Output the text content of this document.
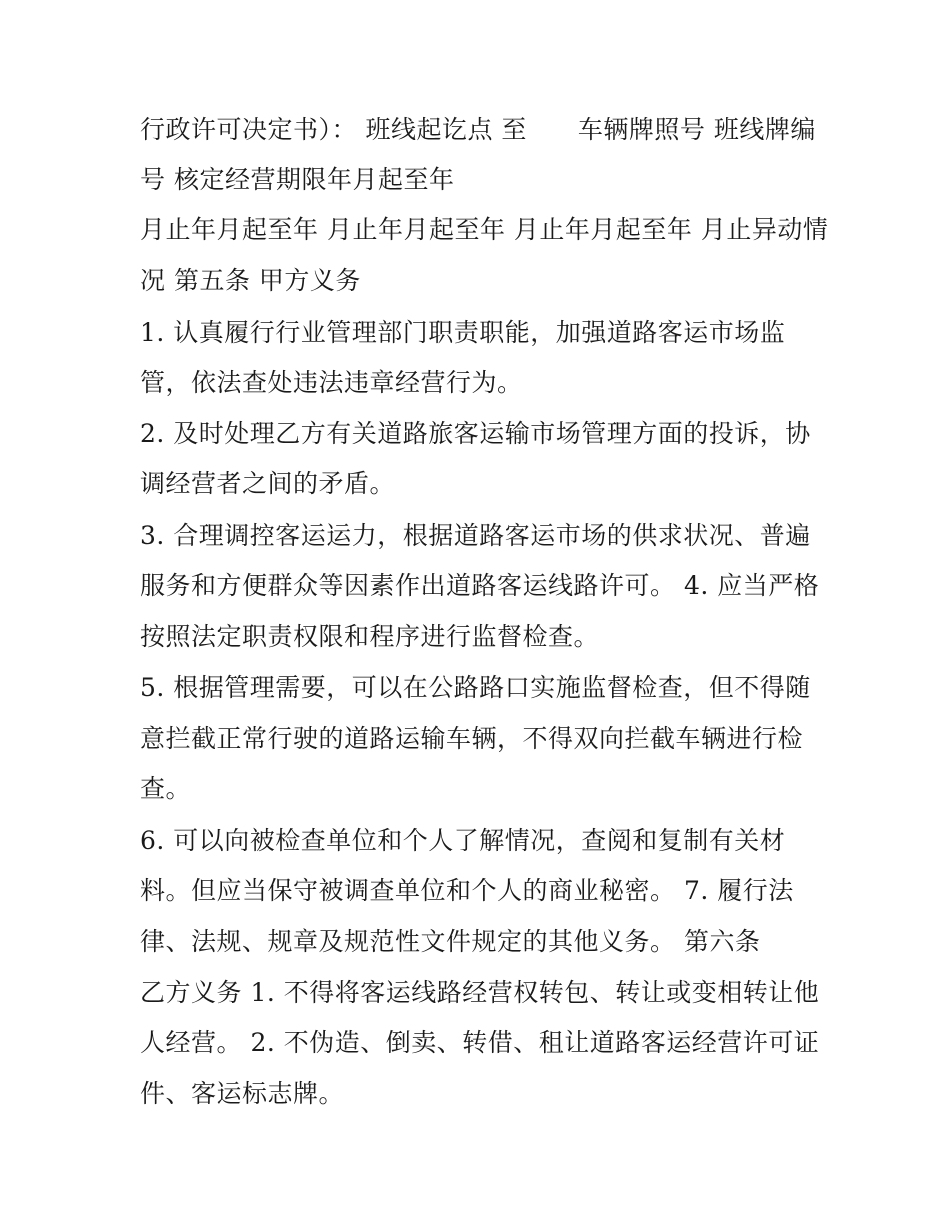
行政许可决定书）： 班线起讫点 至　　车辆牌照号 班线牌编
号 核定经营期限年月起至年
月止年月起至年 月止年月起至年 月止年月起至年 月止异动情
况 第五条 甲方义务
1. 认真履行行业管理部门职责职能，加强道路客运市场监
管，依法查处违法违章经营行为。
2. 及时处理乙方有关道路旅客运输市场管理方面的投诉，协
调经营者之间的矛盾。
3. 合理调控客运运力，根据道路客运市场的供求状况、普遍
服务和方便群众等因素作出道路客运线路许可。 4. 应当严格
按照法定职责权限和程序进行监督检查。
5. 根据管理需要，可以在公路路口实施监督检查，但不得随
意拦截正常行驶的道路运输车辆，不得双向拦截车辆进行检
查。
6. 可以向被检查单位和个人了解情况，查阅和复制有关材
料。但应当保守被调查单位和个人的商业秘密。 7. 履行法
律、法规、规章及规范性文件规定的其他义务。 第六条
乙方义务 1. 不得将客运线路经营权转包、转让或变相转让他
人经营。 2. 不伪造、倒卖、转借、租让道路客运经营许可证
件、客运标志牌。
